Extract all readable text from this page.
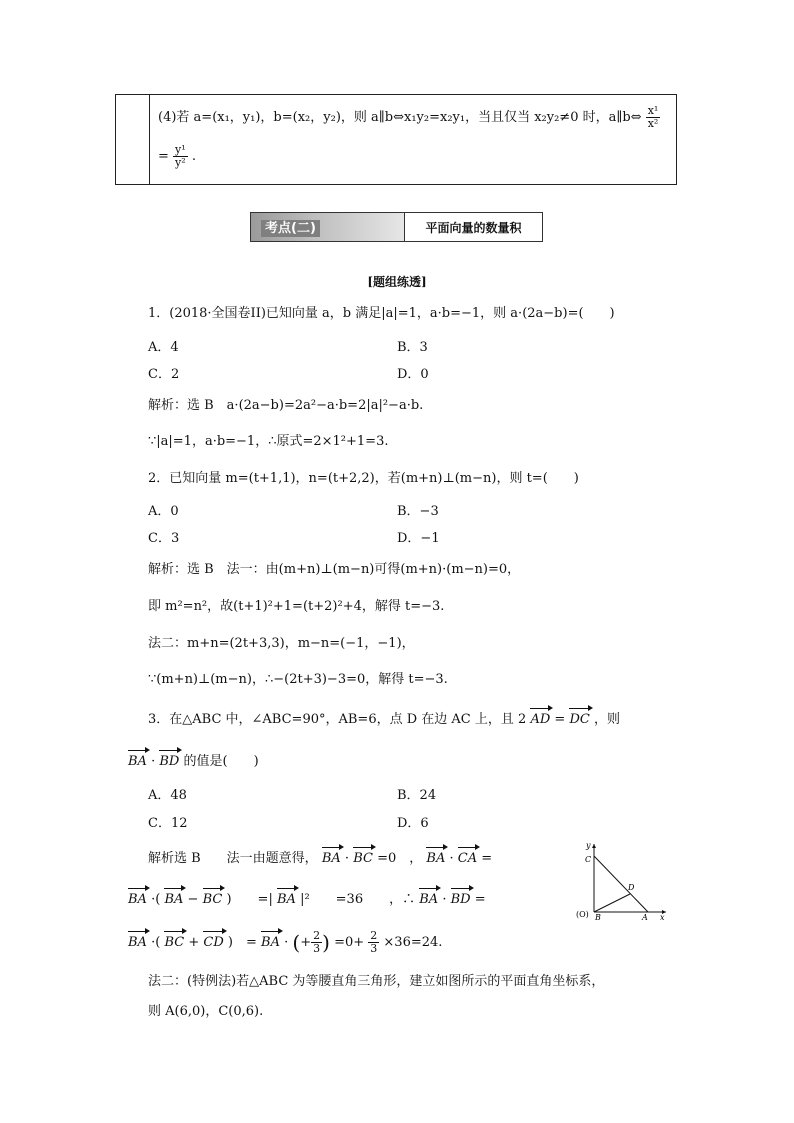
(4)若 a=(x₁，y₁)，b=(x₂，y₂)，则 a∥b⇔x₁y₂=x₂y₁，当且仅当 x₂y₂≠0 时，a∥b⇔ $\frac{\text{x¹}}{\text{x²}}$
= $\frac{\text{y¹}}{\text{y²}}$ .
考点(二)	平面向量的数量积
[题组练透]
1．(2018·全国卷II)已知向量 a，b 满足|a|=1，a·b=−1，则 a·(2a−b)=(　　)
A．4	B．3
C．2	D．0
解析：选 B　a·(2a−b)=2a²−a·b=2|a|²−a·b.
∵|a|=1，a·b=−1，∴原式=2×1²+1=3.
2．已知向量 m=(t+1,1)，n=(t+2,2)，若(m+n)⊥(m−n)，则 t=(　　)
A．0	B．−3
C．3	D．−1
解析：选 B　法一：由(m+n)⊥(m−n)可得(m+n)·(m−n)=0，
即 m²=n²，故(t+1)²+1=(t+2)²+4，解得 t=−3.
法二：m+n=(2t+3,3)，m−n=(−1，−1)，
∵(m+n)⊥(m−n)，∴−(2t+3)−3=0，解得 t=−3.
3．在△ABC 中，∠ABC=90°，AB=6，点 D 在边 AC 上，且 2 AD = DC ，则
BA · BD 的值是(　　)
A．48	B．24
C．12	D．6
解析选 B　　法一由题意得， BA · BC =0　， BA · CA =
BA ·( BA − BC )　　=| BA |²　　=36　　，∴ BA · BD =
BA ·( BC + CD )　= BA · (+ $\frac{2}{3}$ ) $=0+ \frac{2}{3} \times 36=24$.
法二：(特例法)若△ABC 为等腰直角三角形，建立如图所示的平面直角坐标系，
则 A(6,0)，C(0,6).
y
C
D
(O) B	A x
